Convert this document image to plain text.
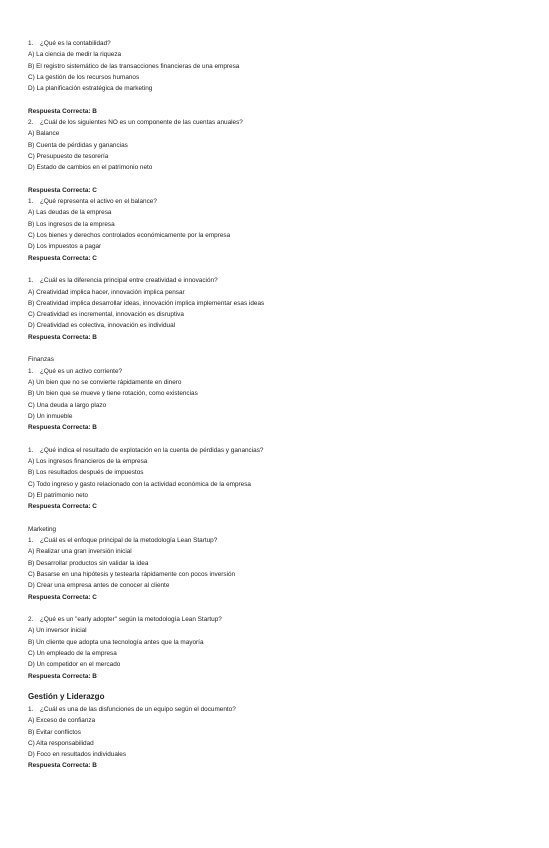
1.	¿Qué es la contabilidad?
A) La ciencia de medir la riqueza
B) El registro sistemático de las transacciones financieras de una empresa
C) La gestión de los recursos humanos
D) La planificación estratégica de marketing
Respuesta Correcta: B
2.	¿Cuál de los siguientes NO es un componente de las cuentas anuales?
A) Balance
B) Cuenta de pérdidas y ganancias
C) Presupuesto de tesorería
D) Estado de cambios en el patrimonio neto
Respuesta Correcta: C
1.	¿Qué representa el activo en el balance?
A) Las deudas de la empresa
B) Los ingresos de la empresa
C) Los bienes y derechos controlados económicamente por la empresa
D) Los impuestos a pagar
Respuesta Correcta: C
1.	¿Cuál es la diferencia principal entre creatividad e innovación?
A) Creatividad implica hacer, innovación implica pensar
B) Creatividad implica desarrollar ideas, innovación implica implementar esas ideas
C) Creatividad es incremental, innovación es disruptiva
D) Creatividad es colectiva, innovación es individual
Respuesta Correcta: B
Finanzas
1.	¿Qué es un activo corriente?
A) Un bien que no se convierte rápidamente en dinero
B) Un bien que se mueve y tiene rotación, como existencias
C) Una deuda a largo plazo
D) Un inmueble
Respuesta Correcta: B
1.	¿Qué indica el resultado de explotación en la cuenta de pérdidas y ganancias?
A) Los ingresos financieros de la empresa
B) Los resultados después de impuestos
C) Todo ingreso y gasto relacionado con la actividad económica de la empresa
D) El patrimonio neto
Respuesta Correcta: C
Marketing
1.	¿Cuál es el enfoque principal de la metodología Lean Startup?
A) Realizar una gran inversión inicial
B) Desarrollar productos sin validar la idea
C) Basarse en una hipótesis y testearla rápidamente con pocos inversión
D) Crear una empresa antes de conocer al cliente
Respuesta Correcta: C
2.	¿Qué es un "early adopter" según la metodología Lean Startup?
A) Un inversor inicial
B) Un cliente que adopta una tecnología antes que la mayoría
C) Un empleado de la empresa
D) Un competidor en el mercado
Respuesta Correcta: B
Gestión y Liderazgo
1.	¿Cuál es una de las disfunciones de un equipo según el documento?
A) Exceso de confianza
B) Evitar conflictos
C) Alta responsabilidad
D) Foco en resultados individuales
Respuesta Correcta: B
